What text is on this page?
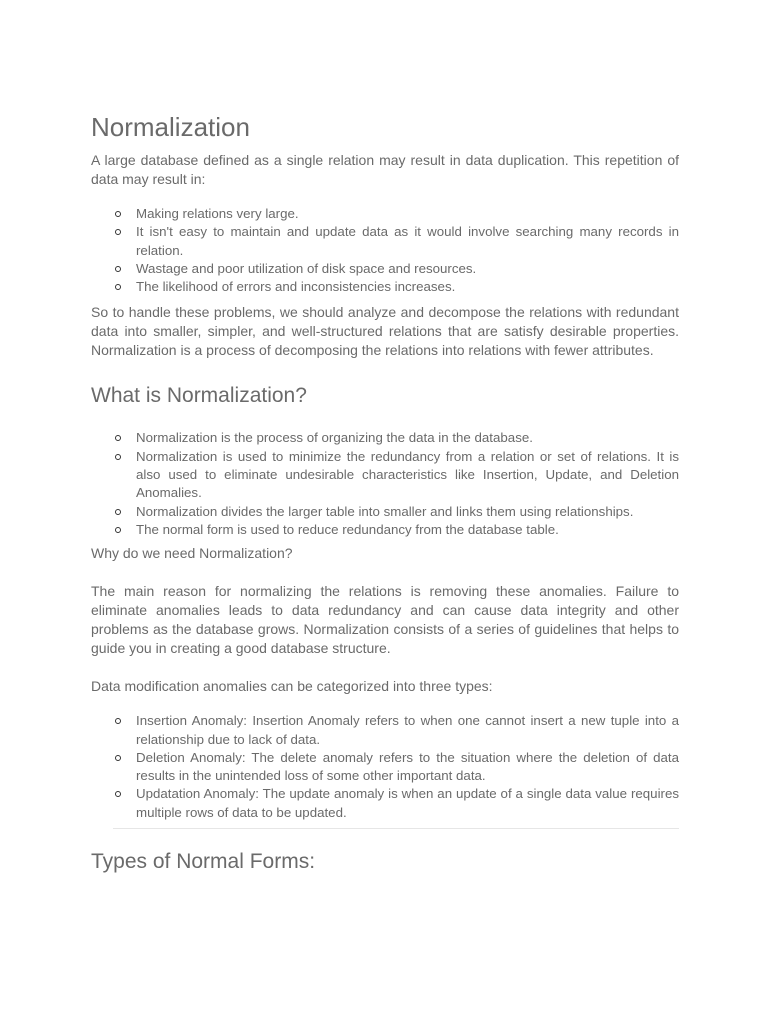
Normalization

A large database defined as a single relation may result in data duplication. This repetition of data may result in:

Making relations very large.
It isn't easy to maintain and update data as it would involve searching many records in relation.
Wastage and poor utilization of disk space and resources.
The likelihood of errors and inconsistencies increases.

So to handle these problems, we should analyze and decompose the relations with redundant data into smaller, simpler, and well-structured relations that are satisfy desirable properties. Normalization is a process of decomposing the relations into relations with fewer attributes.

What is Normalization?
Normalization is the process of organizing the data in the database.
Normalization is used to minimize the redundancy from a relation or set of relations. It is also used to eliminate undesirable characteristics like Insertion, Update, and Deletion Anomalies.
Normalization divides the larger table into smaller and links them using relationships.
The normal form is used to reduce redundancy from the database table.

Why do we need Normalization?

The main reason for normalizing the relations is removing these anomalies. Failure to eliminate anomalies leads to data redundancy and can cause data integrity and other problems as the database grows. Normalization consists of a series of guidelines that helps to guide you in creating a good database structure.

Data modification anomalies can be categorized into three types:

Insertion Anomaly: Insertion Anomaly refers to when one cannot insert a new tuple into a relationship due to lack of data.
Deletion Anomaly: The delete anomaly refers to the situation where the deletion of data results in the unintended loss of some other important data.
Updatation Anomaly: The update anomaly is when an update of a single data value requires multiple rows of data to be updated.
Types of Normal Forms:
